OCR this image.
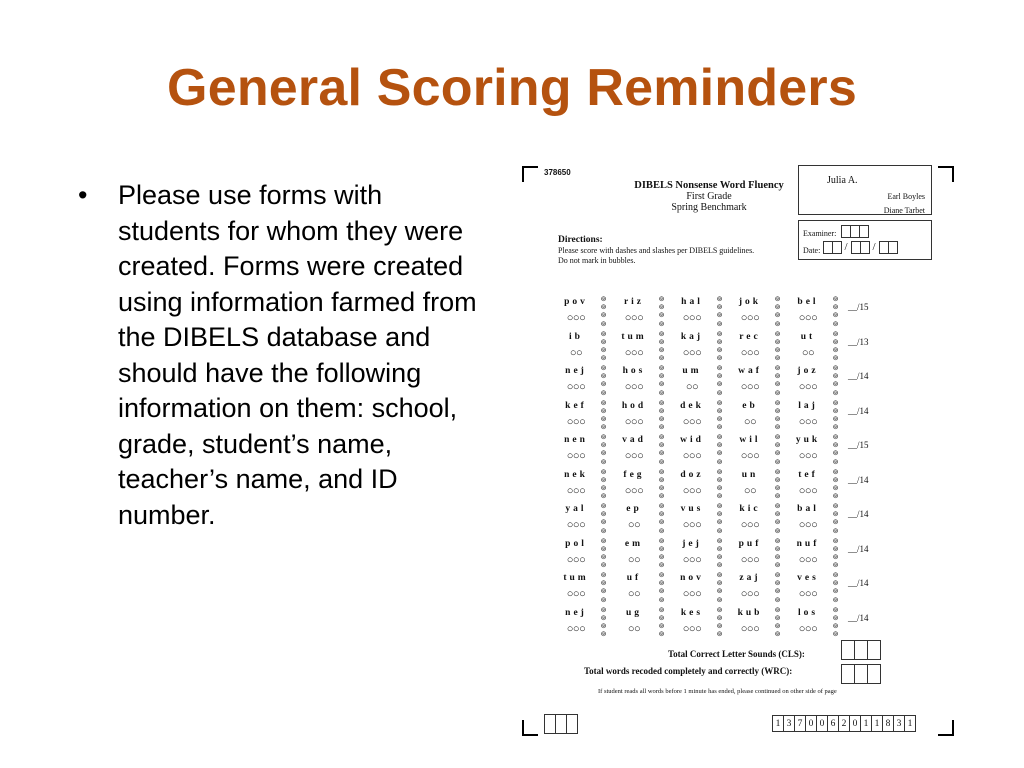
General Scoring Reminders
• Please use forms with students for whom they were created. Forms were created using information farmed from the DIBELS database and should have the following information on them: school, grade, student’s name, teacher’s name, and ID number.
378650
DIBELS Nonsense Word Fluency
First Grade
Spring Benchmark
Julia A.
Earl Boyles
Diane Tarbet
Examiner:
Date:	/ /
Directions:
Please score with dashes and slashes per DIBELS guidelines.
Do not mark in bubbles.
pov
○○○
⊚
⊚
⊚
⊚
riz
○○○
⊚
⊚
⊚
⊚
hal
○○○
⊚
⊚
⊚
⊚
jok
○○○
⊚
⊚
⊚
⊚
bel
○○○
⊚
⊚
⊚
⊚
__/15
ib
○○
⊚
⊚
⊚
⊚
tum
○○○
⊚
⊚
⊚
⊚
kaj
○○○
⊚
⊚
⊚
⊚
rec
○○○
⊚
⊚
⊚
⊚
ut
○○
⊚
⊚
⊚
⊚
__/13
nej
○○○
⊚
⊚
⊚
⊚
hos
○○○
⊚
⊚
⊚
⊚
um
○○
⊚
⊚
⊚
⊚
waf
○○○
⊚
⊚
⊚
⊚
joz
○○○
⊚
⊚
⊚
⊚
__/14
kef
○○○
⊚
⊚
⊚
⊚
hod
○○○
⊚
⊚
⊚
⊚
dek
○○○
⊚
⊚
⊚
⊚
eb
○○
⊚
⊚
⊚
⊚
laj
○○○
⊚
⊚
⊚
⊚
__/14
nen
○○○
⊚
⊚
⊚
⊚
vad
○○○
⊚
⊚
⊚
⊚
wid
○○○
⊚
⊚
⊚
⊚
wil
○○○
⊚
⊚
⊚
⊚
yuk
○○○
⊚
⊚
⊚
⊚
__/15
nek
○○○
⊚
⊚
⊚
⊚
feg
○○○
⊚
⊚
⊚
⊚
doz
○○○
⊚
⊚
⊚
⊚
un
○○
⊚
⊚
⊚
⊚
tef
○○○
⊚
⊚
⊚
⊚
__/14
yal
○○○
⊚
⊚
⊚
⊚
ep
○○
⊚
⊚
⊚
⊚
vus
○○○
⊚
⊚
⊚
⊚
kic
○○○
⊚
⊚
⊚
⊚
bal
○○○
⊚
⊚
⊚
⊚
__/14
pol
○○○
⊚
⊚
⊚
⊚
em
○○
⊚
⊚
⊚
⊚
jej
○○○
⊚
⊚
⊚
⊚
puf
○○○
⊚
⊚
⊚
⊚
nuf
○○○
⊚
⊚
⊚
⊚
__/14
tum
○○○
⊚
⊚
⊚
⊚
uf
○○
⊚
⊚
⊚
⊚
nov
○○○
⊚
⊚
⊚
⊚
zaj
○○○
⊚
⊚
⊚
⊚
ves
○○○
⊚
⊚
⊚
⊚
__/14
nej
○○○
⊚
⊚
⊚
⊚
ug
○○
⊚
⊚
⊚
⊚
kes
○○○
⊚
⊚
⊚
⊚
kub
○○○
⊚
⊚
⊚
⊚
los
○○○
⊚
⊚
⊚
⊚
__/14
Total Correct Letter Sounds (CLS):
Total words recoded completely and correctly (WRC):
If student reads all words before 1 minute has ended, please continued on other side of page
1 3 7 0 0 6 2 0 1 1 8 3 1
